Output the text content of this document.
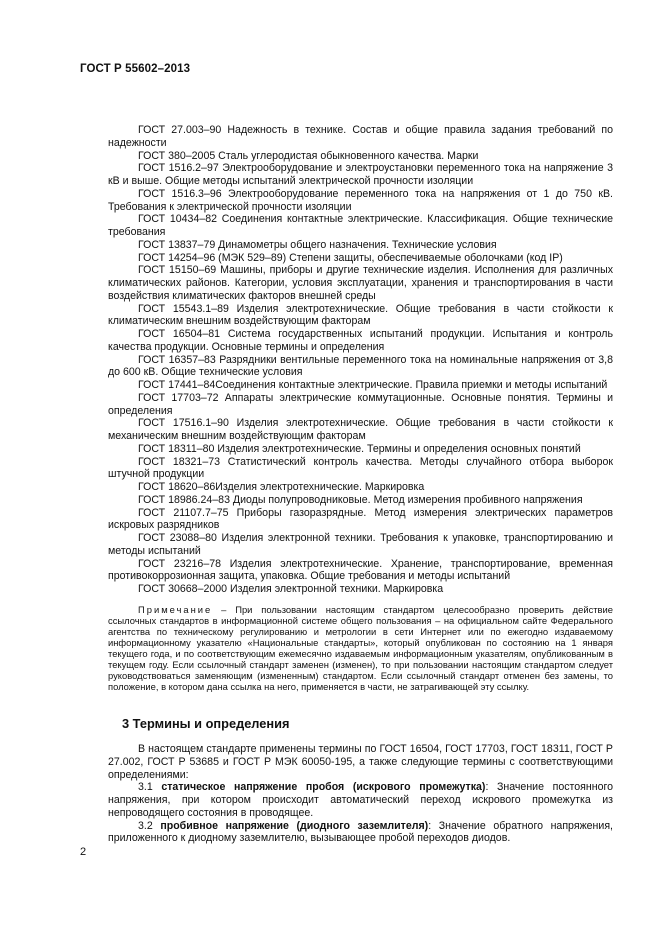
ГОСТ Р 55602–2013

ГОСТ 27.003–90 Надежность в технике. Состав и общие правила задания требований по надежности

ГОСТ 380–2005 Сталь углеродистая обыкновенного качества. Марки

ГОСТ 1516.2–97 Электрооборудование и электроустановки переменного тока на напряжение 3 кВ и выше. Общие методы испытаний электрической прочности изоляции

ГОСТ 1516.3–96 Электрооборудование переменного тока на напряжения от 1 до 750 кВ. Требования к электрической прочности изоляции

ГОСТ 10434–82 Соединения контактные электрические. Классификация. Общие технические требования

ГОСТ 13837–79 Динамометры общего назначения. Технические условия

ГОСТ 14254–96 (МЭК 529–89) Степени защиты, обеспечиваемые оболочками (код IP)

ГОСТ 15150–69 Машины, приборы и другие технические изделия. Исполнения для различных климатических районов. Категории, условия эксплуатации, хранения и транспортирования в части воздействия климатических факторов внешней среды

ГОСТ 15543.1–89 Изделия электротехнические. Общие требования в части стойкости к климатическим внешним воздействующим факторам

ГОСТ 16504–81 Система государственных испытаний продукции. Испытания и контроль качества продукции. Основные термины и определения

ГОСТ 16357–83 Разрядники вентильные переменного тока на номинальные напряжения от 3,8 до 600 кВ. Общие технические условия

ГОСТ 17441–84Соединения контактные электрические. Правила приемки и методы испытаний

ГОСТ 17703–72 Аппараты электрические коммутационные. Основные понятия. Термины и определения

ГОСТ 17516.1–90 Изделия электротехнические. Общие требования в части стойкости к механическим внешним воздействующим факторам

ГОСТ 18311–80 Изделия электротехнические. Термины и определения основных понятий

ГОСТ 18321–73 Статистический контроль качества. Методы случайного отбора выборок штучной продукции

ГОСТ 18620–86Изделия электротехнические. Маркировка

ГОСТ 18986.24–83 Диоды полупроводниковые. Метод измерения пробивного напряжения

ГОСТ 21107.7–75 Приборы газоразрядные. Метод измерения электрических параметров искровых разрядников

ГОСТ 23088–80 Изделия электронной техники. Требования к упаковке, транспортированию и методы испытаний

ГОСТ 23216–78 Изделия электротехнические. Хранение, транспортирование, временная противокоррозионная защита, упаковка. Общие требования и методы испытаний

ГОСТ 30668–2000 Изделия электронной техники. Маркировка

Примечание – При пользовании настоящим стандартом целесообразно проверить действие ссылочных стандартов в информационной системе общего пользования – на официальном сайте Федерального агентства по техническому регулированию и метрологии в сети Интернет или по ежегодно издаваемому информационному указателю «Национальные стандарты», который опубликован по состоянию на 1 января текущего года, и по соответствующим ежемесячно издаваемым информационным указателям, опубликованным в текущем году. Если ссылочный стандарт заменен (изменен), то при пользовании настоящим стандартом следует руководствоваться заменяющим (измененным) стандартом. Если ссылочный стандарт отменен без замены, то положение, в котором дана ссылка на него, применяется в части, не затрагивающей эту ссылку.

3 Термины и определения

В настоящем стандарте применены термины по ГОСТ 16504, ГОСТ 17703, ГОСТ 18311, ГОСТ Р 27.002, ГОСТ Р 53685 и ГОСТ Р МЭК 60050-195, а также следующие термины с соответствующими определениями:

3.1 статическое напряжение пробоя (искрового промежутка): Значение постоянного напряжения, при котором происходит автоматический переход искрового промежутка из непроводящего состояния в проводящее.

3.2 пробивное напряжение (диодного заземлителя): Значение обратного напряжения, приложенного к диодному заземлителю, вызывающее пробой переходов диодов.

2
